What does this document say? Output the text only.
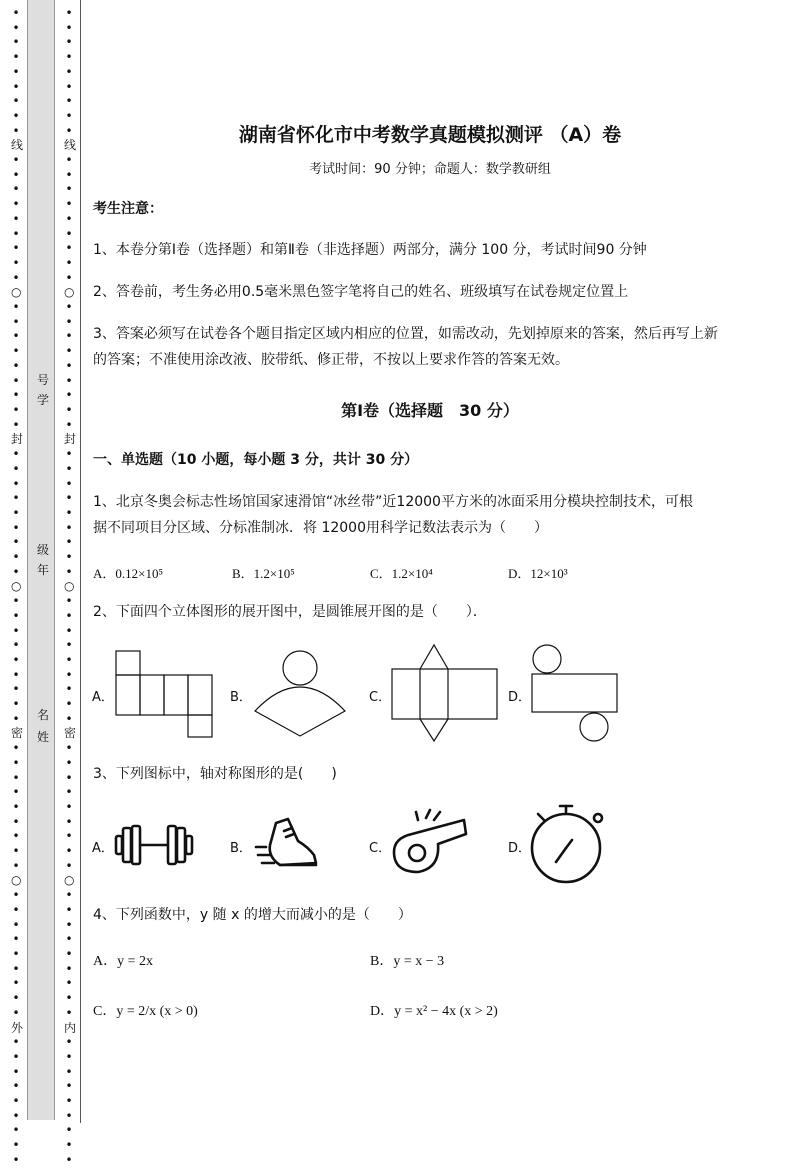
•
•
•
•
•
•
•
•
•
线
•
•
•
•
•
•
•
•
•
○
•
•
•
•
•
•
•
•
•
封
•
•
•
•
•
•
•
•
•
○
•
•
•
•
•
•
•
•
•
密
•
•
•
•
•
•
•
•
•
○
•
•
•
•
•
•
•
•
•
外
•
•
•
•
•
•
•
•
•
•
•
•
•
•
•
•
•
•
线
•
•
•
•
•
•
•
•
•
○
•
•
•
•
•
•
•
•
•
封
•
•
•
•
•
•
•
•
•
○
•
•
•
•
•
•
•
•
•
密
•
•
•
•
•
•
•
•
•
○
•
•
•
•
•
•
•
•
•
内
•
•
•
•
•
•
•
•
•
号
学
级
年
名
姓
湖南省怀化市中考数学真题模拟测评 （A）卷
考试时间：90 分钟；命题人：数学教研组
考生注意：
1、本卷分第Ⅰ卷（选择题）和第Ⅱ卷（非选择题）两部分，满分 100 分，考试时间90 分钟
2、答卷前，考生务必用0.5毫米黑色签字笔将自己的姓名、班级填写在试卷规定位置上
3、答案必须写在试卷各个题目指定区域内相应的位置，如需改动，先划掉原来的答案，然后再写上新
的答案；不准使用涂改液、胶带纸、修正带，不按以上要求作答的答案无效。
第Ⅰ卷（选择题　30 分）
一、单选题（10 小题，每小题 3 分，共计 30 分）
1、北京冬奥会标志性场馆国家速滑馆“冰丝带”近12000平方米的冰面采用分模块控制技术，可根
据不同项目分区域、分标准制冰．将 12000用科学记数法表示为（　　）
A．0.12×10⁵	B．1.2×10⁵	C．1.2×10⁴	D．12×10³
2、下面四个立体图形的展开图中，是圆锥展开图的是（　　）．
A．	B．	C．	D．
3、下列图标中，轴对称图形的是(　　)
A．	B．	C．	D．
4、下列函数中，y 随 x 的增大而减小的是（　　）
A．y = 2x	B．y = x − 3
C．y = 2/x (x > 0)	D．y = x² − 4x (x > 2)
